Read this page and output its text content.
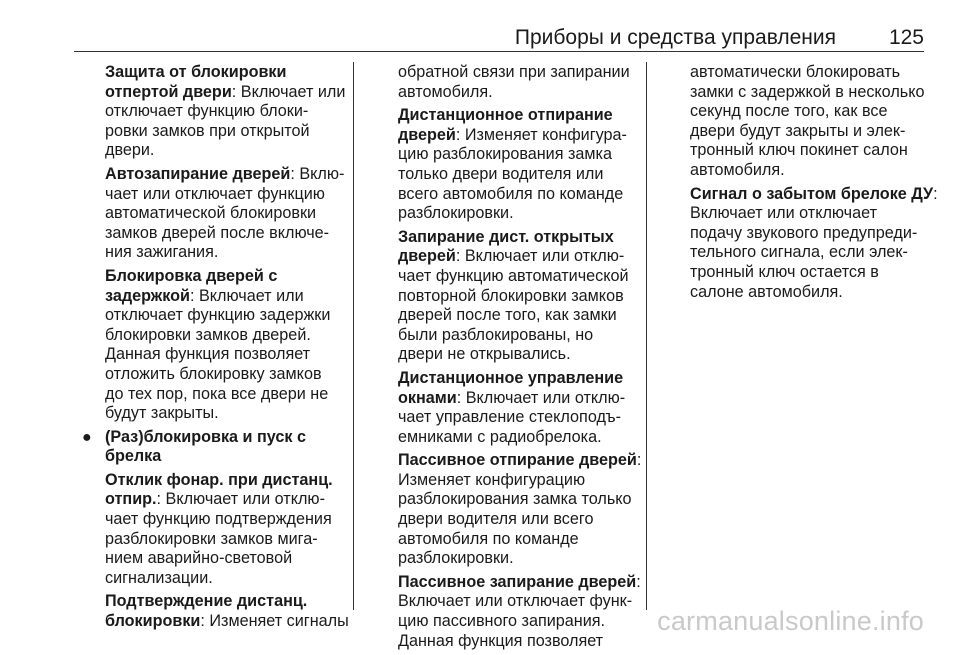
Приборы и средства управления	125
Защита от блокировки
отпертой двери: Включает или
отключает функцию блоки-
ровки замков при открытой
двери.
Автозапирание дверей: Вклю-
чает или отключает функцию
автоматической блокировки
замков дверей после включе-
ния зажигания.
Блокировка дверей с
задержкой: Включает или
отключает функцию задержки
блокировки замков дверей.
Данная функция позволяет
отложить блокировку замков
до тех пор, пока все двери не
будут закрыты.
● (Раз)блокировка и пуск с
брелка
Отклик фонар. при дистанц.
отпир.: Включает или отклю-
чает функцию подтверждения
разблокировки замков мига-
нием аварийно-световой
сигнализации.
Подтверждение дистанц.
блокировки: Изменяет сигналы
обратной связи при запирании
автомобиля.
Дистанционное отпирание
дверей: Изменяет конфигура-
цию разблокирования замка
только двери водителя или
всего автомобиля по команде
разблокировки.
Запирание дист. открытых
дверей: Включает или отклю-
чает функцию автоматической
повторной блокировки замков
дверей после того, как замки
были разблокированы, но
двери не открывались.
Дистанционное управление
окнами: Включает или отклю-
чает управление стеклоподъ-
емниками с радиобрелока.
Пассивное отпирание дверей:
Изменяет конфигурацию
разблокирования замка только
двери водителя или всего
автомобиля по команде
разблокировки.
Пассивное запирание дверей:
Включает или отключает функ-
цию пассивного запирания.
Данная функция позволяет
автоматически блокировать
замки с задержкой в несколько
секунд после того, как все
двери будут закрыты и элек-
тронный ключ покинет салон
автомобиля.
Сигнал о забытом брелоке ДУ:
Включает или отключает
подачу звукового предупреди-
тельного сигнала, если элек-
тронный ключ остается в
салоне автомобиля.
carmanualsonline.info
